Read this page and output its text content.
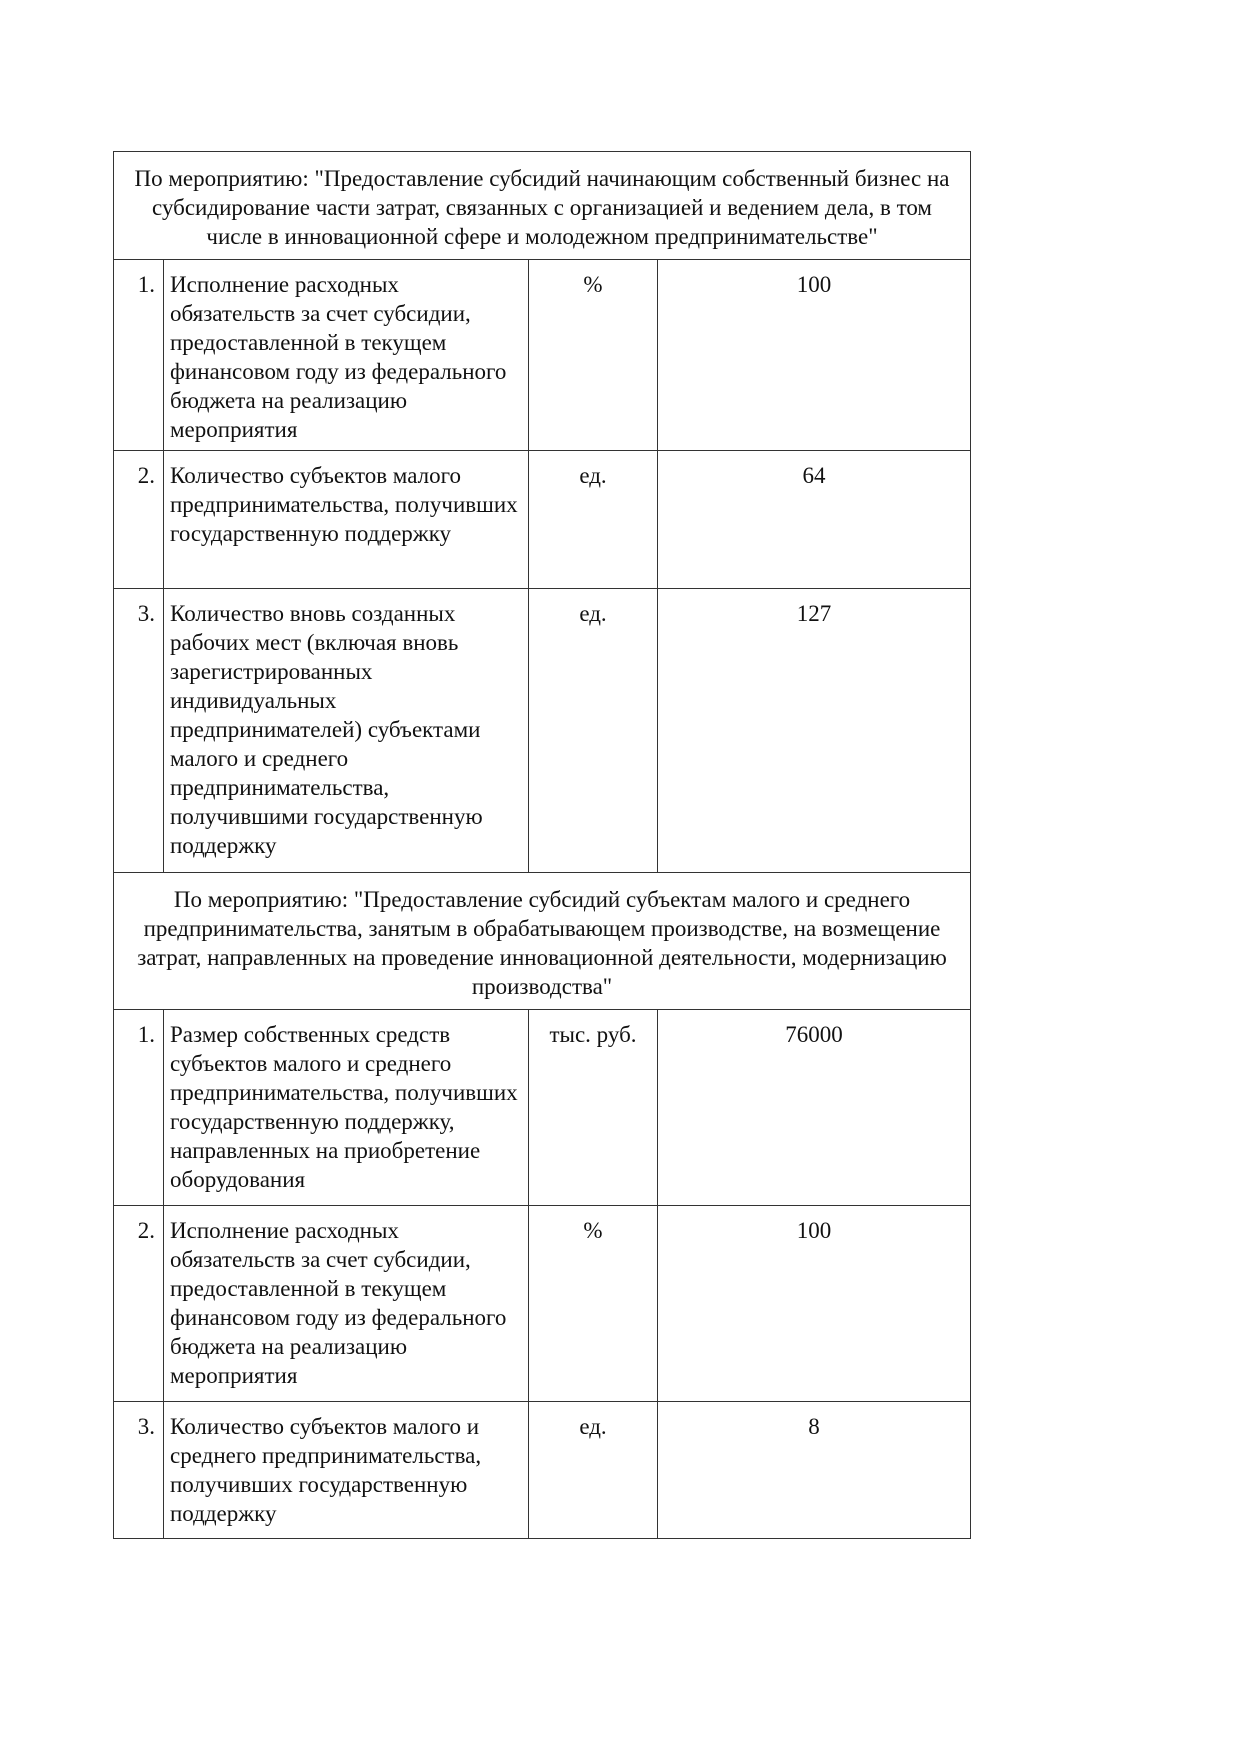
По мероприятию: "Предоставление субсидий начинающим собственный бизнес на субсидирование части затрат, связанных с организацией и ведением дела, в том числе в инновационной сфере и молодежном предпринимательстве"			
1.	Исполнение расходных обязательств за счет субсидии, предоставленной в текущем финансовом году из федерального бюджета на реализацию мероприятия	%	100
2.	Количество субъектов малого предпринимательства, получивших государственную поддержку	ед.	64
3.	Количество вновь созданных рабочих мест (включая вновь зарегистрированных индивидуальных предпринимателей) субъектами малого и среднего предпринимательства, получившими государственную поддержку	ед.	127
По мероприятию: "Предоставление субсидий субъектам малого и среднего предпринимательства, занятым в обрабатывающем производстве, на возмещение затрат, направленных на проведение инновационной деятельности, модернизацию производства"			
1.	Размер собственных средств субъектов малого и среднего предпринимательства, получивших государственную поддержку, направленных на приобретение оборудования	тыс. руб.	76000
2.	Исполнение расходных обязательств за счет субсидии, предоставленной в текущем финансовом году из федерального бюджета на реализацию мероприятия	%	100
3.	Количество субъектов малого и среднего предпринимательства, получивших государственную поддержку	ед.	8
